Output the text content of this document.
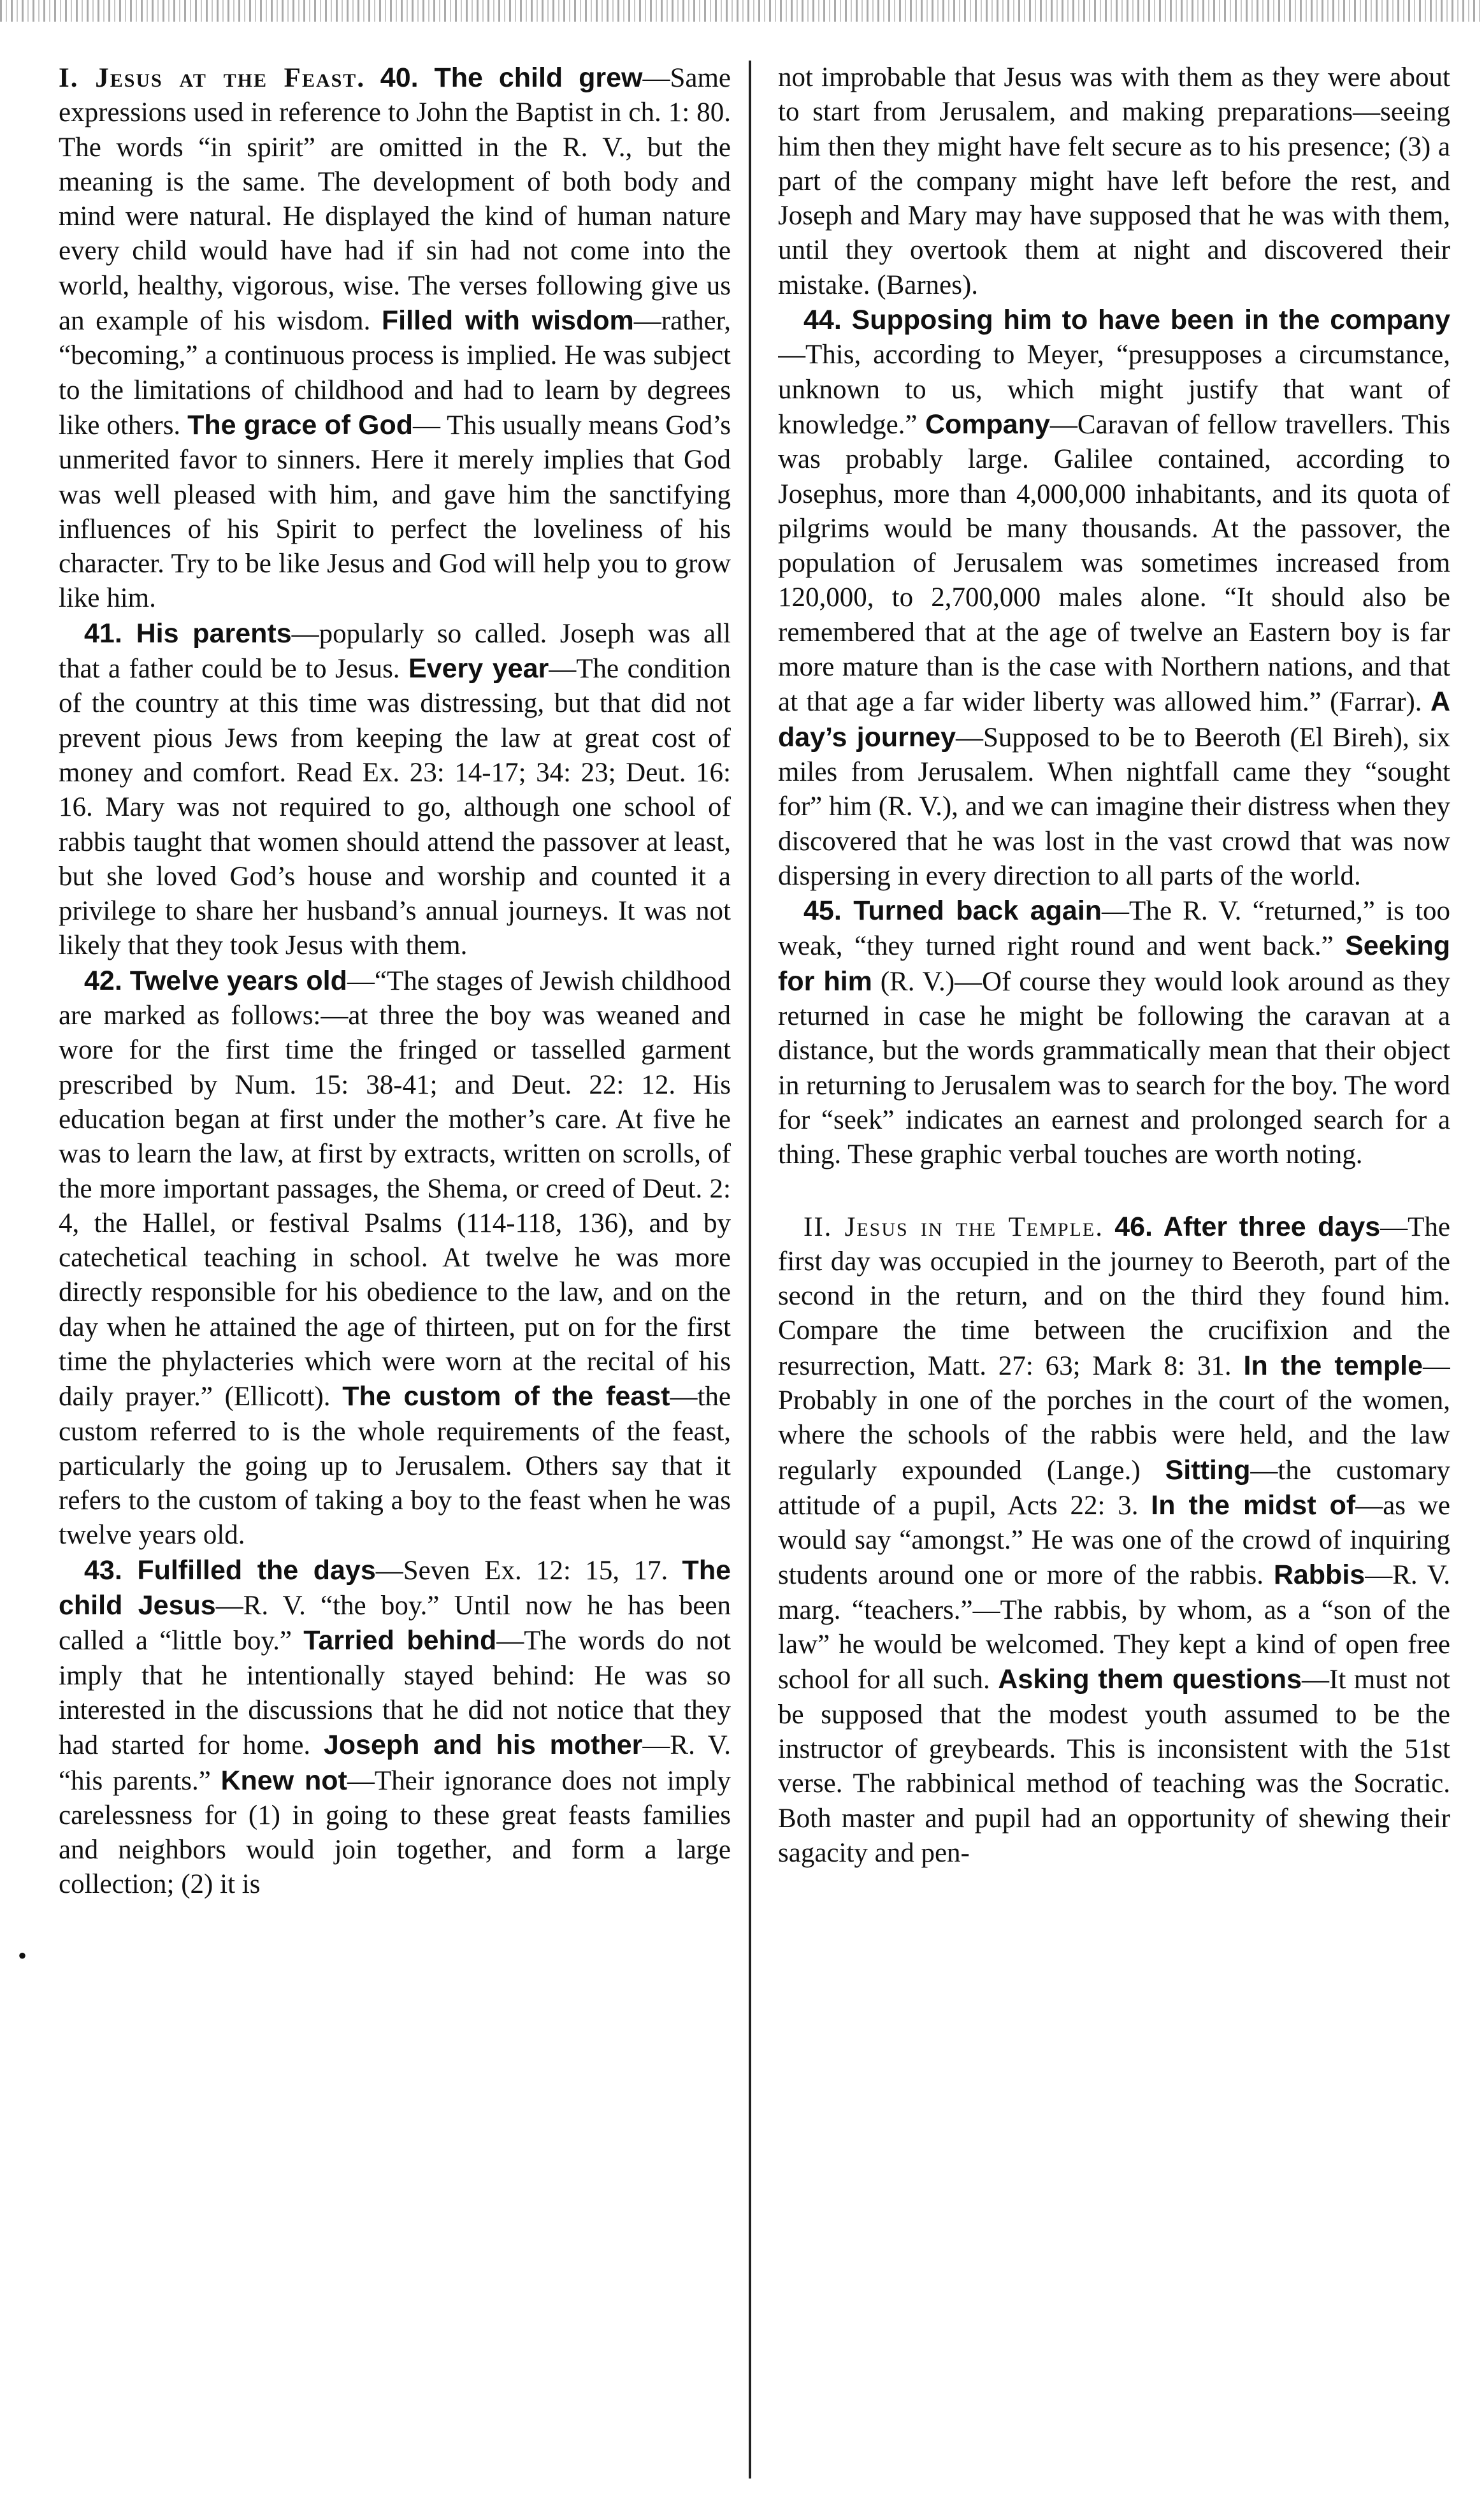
•

I. Jesus at the Feast. 40. The child grew—Same expressions used in reference to John the Baptist in ch. 1: 80. The words “in spirit” are omitted in the R. V., but the meaning is the same. The development of both body and mind were natural. He displayed the kind of human nature every child would have had if sin had not come into the world, healthy, vigorous, wise. The verses following give us an example of his wisdom. Filled with wisdom—rather, “becoming,” a continuous process is implied. He was subject to the limitations of childhood and had to learn by degrees like others. The grace of God— This usually means God’s unmerited favor to sinners. Here it merely implies that God was well pleased with him, and gave him the sanctifying influences of his Spirit to perfect the loveliness of his character. Try to be like Jesus and God will help you to grow like him.

41. His parents—popularly so called. Joseph was all that a father could be to Jesus. Every year—The condition of the country at this time was distressing, but that did not prevent pious Jews from keeping the law at great cost of money and comfort. Read Ex. 23: 14-17; 34: 23; Deut. 16: 16. Mary was not required to go, although one school of rabbis taught that women should attend the passover at least, but she loved God’s house and worship and counted it a privilege to share her husband’s annual journeys. It was not likely that they took Jesus with them.

42. Twelve years old—“The stages of Jewish childhood are marked as follows:—at three the boy was weaned and wore for the first time the fringed or tasselled garment prescribed by Num. 15: 38-41; and Deut. 22: 12. His education began at first under the mother’s care. At five he was to learn the law, at first by extracts, written on scrolls, of the more important passages, the Shema, or creed of Deut. 2: 4, the Hallel, or festival Psalms (114-118, 136), and by catechetical teaching in school. At twelve he was more directly responsible for his obedience to the law, and on the day when he attained the age of thirteen, put on for the first time the phylacteries which were worn at the recital of his daily prayer.” (Ellicott). The custom of the feast—the custom referred to is the whole requirements of the feast, particularly the going up to Jerusalem. Others say that it refers to the custom of taking a boy to the feast when he was twelve years old.

43. Fulfilled the days—Seven Ex. 12: 15, 17. The child Jesus—R. V. “the boy.” Until now he has been called a “little boy.” Tarried behind—The words do not imply that he intentionally stayed behind: He was so interested in the discussions that he did not notice that they had started for home. Joseph and his mother—R. V. “his parents.” Knew not—Their ignorance does not imply carelessness for (1) in going to these great feasts families and neighbors would join together, and form a large collection; (2) it is

not improbable that Jesus was with them as they were about to start from Jerusalem, and making preparations—seeing him then they might have felt secure as to his presence; (3) a part of the company might have left before the rest, and Joseph and Mary may have supposed that he was with them, until they overtook them at night and discovered their mistake. (Barnes).

44. Supposing him to have been in the company—This, according to Meyer, “presupposes a circumstance, unknown to us, which might justify that want of knowledge.” Company—Caravan of fellow travellers. This was probably large. Galilee contained, according to Josephus, more than 4,000,000 inhabitants, and its quota of pilgrims would be many thousands. At the passover, the population of Jerusalem was sometimes increased from 120,000, to 2,700,000 males alone. “It should also be remembered that at the age of twelve an Eastern boy is far more mature than is the case with Northern nations, and that at that age a far wider liberty was allowed him.” (Farrar). A day’s journey—Supposed to be to Beeroth (El Bireh), six miles from Jerusalem. When nightfall came they “sought for” him (R. V.), and we can imagine their distress when they discovered that he was lost in the vast crowd that was now dispersing in every direction to all parts of the world.

45. Turned back again—The R. V. “returned,” is too weak, “they turned right round and went back.” Seeking for him (R. V.)—Of course they would look around as they returned in case he might be following the caravan at a distance, but the words grammatically mean that their object in returning to Jerusalem was to search for the boy. The word for “seek” indicates an earnest and prolonged search for a thing. These graphic verbal touches are worth noting.

II. Jesus in the Temple. 46. After three days—The first day was occupied in the journey to Beeroth, part of the second in the return, and on the third they found him. Compare the time between the crucifixion and the resurrection, Matt. 27: 63; Mark 8: 31. In the temple—Probably in one of the porches in the court of the women, where the schools of the rabbis were held, and the law regularly expounded (Lange.) Sitting—the customary attitude of a pupil, Acts 22: 3. In the midst of—as we would say “amongst.” He was one of the crowd of inquiring students around one or more of the rabbis. Rabbis—R. V. marg. “teachers.”—The rabbis, by whom, as a “son of the law” he would be welcomed. They kept a kind of open free school for all such. Asking them questions—It must not be supposed that the modest youth assumed to be the instructor of greybeards. This is inconsistent with the 51st verse. The rabbinical method of teaching was the Socratic. Both master and pupil had an opportunity of shewing their sagacity and pen-
